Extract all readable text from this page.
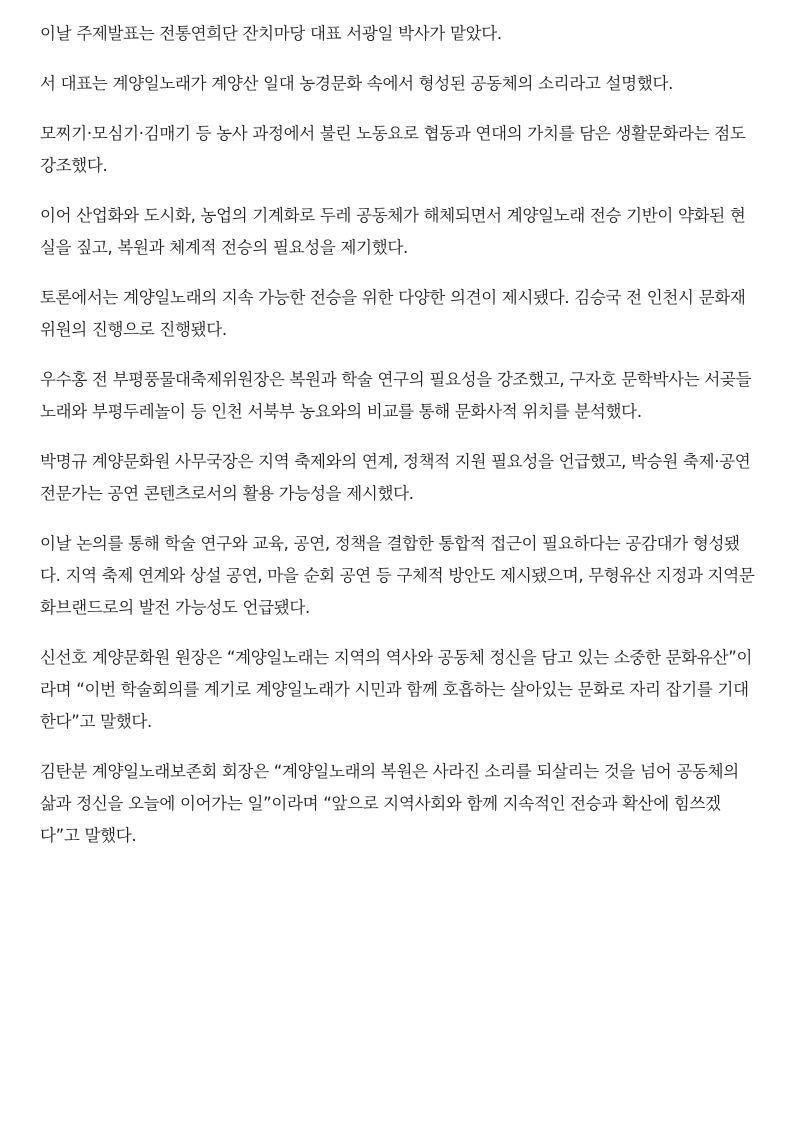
이날 주제발표는 전통연희단 잔치마당 대표 서광일 박사가 맡았다.

서 대표는 계양일노래가 계양산 일대 농경문화 속에서 형성된 공동체의 소리라고 설명했다.

모찌기·모심기·김매기 등 농사 과정에서 불린 노동요로 협동과 연대의 가치를 담은 생활문화라는 점도 강조했다.

이어 산업화와 도시화, 농업의 기계화로 두레 공동체가 해체되면서 계양일노래 전승 기반이 약화된 현실을 짚고, 복원과 체계적 전승의 필요성을 제기했다.

토론에서는 계양일노래의 지속 가능한 전승을 위한 다양한 의견이 제시됐다. 김승국 전 인천시 문화재위원의 진행으로 진행됐다.

우수홍 전 부평풍물대축제위원장은 복원과 학술 연구의 필요성을 강조했고, 구자호 문학박사는 서곶들노래와 부평두레놀이 등 인천 서북부 농요와의 비교를 통해 문화사적 위치를 분석했다.

박명규 계양문화원 사무국장은 지역 축제와의 연계, 정책적 지원 필요성을 언급했고, 박승원 축제·공연 전문가는 공연 콘텐츠로서의 활용 가능성을 제시했다.

이날 논의를 통해 학술 연구와 교육, 공연, 정책을 결합한 통합적 접근이 필요하다는 공감대가 형성됐다. 지역 축제 연계와 상설 공연, 마을 순회 공연 등 구체적 방안도 제시됐으며, 무형유산 지정과 지역문화브랜드로의 발전 가능성도 언급됐다.

신선호 계양문화원 원장은 “계양일노래는 지역의 역사와 공동체 정신을 담고 있는 소중한 문화유산”이라며 “이번 학술회의를 계기로 계양일노래가 시민과 함께 호흡하는 살아있는 문화로 자리 잡기를 기대한다”고 말했다.

김탄분 계양일노래보존회 회장은 “계양일노래의 복원은 사라진 소리를 되살리는 것을 넘어 공동체의 삶과 정신을 오늘에 이어가는 일”이라며 “앞으로 지역사회와 함께 지속적인 전승과 확산에 힘쓰겠다”고 말했다.
